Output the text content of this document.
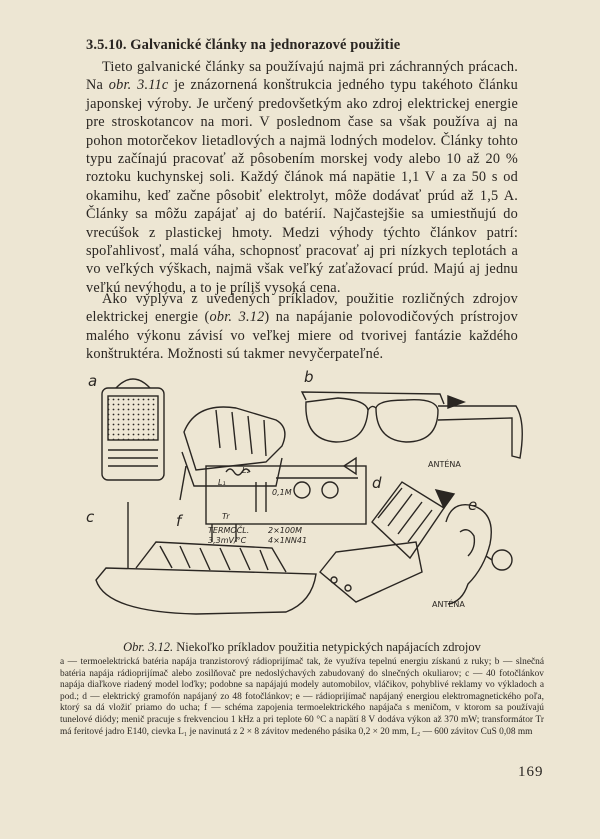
3.5.10. Galvanické články na jednorazové použitie
Tieto galvanické články sa používajú najmä pri záchranných prácach. Na obr. 3.11c je znázornená konštrukcia jedného typu takéhoto článku japonskej výroby. Je určený predovšetkým ako zdroj elektrickej energie pre stroskotancov na mori. V poslednom čase sa však používa aj na pohon motorčekov lietadlových a najmä lodných modelov. Články tohto typu začínajú pracovať až pôsobením morskej vody alebo 10 až 20 % roztoku kuchynskej soli. Každý článok má napätie 1,1 V a za 50 s od okamihu, keď začne pôsobiť elektrolyt, môže dodávať prúd až 1,5 A. Články sa môžu zapájať aj do batérií. Najčastejšie sa umiestňujú do vrecúšok z plastickej hmoty. Medzi výhody týchto článkov patrí: spoľahlivosť, malá váha, schopnosť pracovať aj pri nízkych teplotách a vo veľkých výškach, najmä však veľký zaťažovací prúd. Majú aj jednu veľkú nevýhodu, a to je príliš vysoká cena.
Ako vyplýva z uvedených príkladov, použitie rozličných zdrojov elektrickej energie (obr. 3.12) na napájanie polovodičových prístrojov malého výkonu závisí vo veľkej miere od tvorivej fantázie každého konštruktéra. Možnosti sú takmer nevyčerpateľné.
a	b
c
d
e
f
ANTÉNA
ANTÉNA
TERMOČL.
3,3mV/°C
2×100M
4×1NN41
L₁
L₂
Tr
0,1M
Obr. 3.12. Niekoľko príkladov použitia netypických napájacích zdrojov
a — termoelektrická batéria napája tranzistorový rádioprijímač tak, že využíva tepelnú energiu získanú z ruky; b — slnečná batéria napája rádioprijímač alebo zosilňovač pre nedoslýchavých zabudovaný do slnečných okuliarov; c — 40 fotočlánkov napája diaľkove riadený model loďky; podobne sa napájajú modely automobilov, vláčikov, pohyblivé reklamy vo výkladoch a pod.; d — elektrický gramofón napájaný zo 48 fotočlánkov; e — rádioprijímač napájaný energiou elektromagnetického poľa, ktorý sa dá vložiť priamo do ucha; f — schéma zapojenia termoelektrického napájača s meničom, v ktorom sa používajú tunelové diódy; menič pracuje s frekvenciou 1 kHz a pri teplote 60 °C a napätí 8 V dodáva výkon až 370 mW; transformátor Tr má feritové jadro E140, cievka L₁ je navinutá z 2 × 8 závitov medeného pásika 0,2 × 20 mm, L₂ — 600 závitov CuS 0,08 mm
169
